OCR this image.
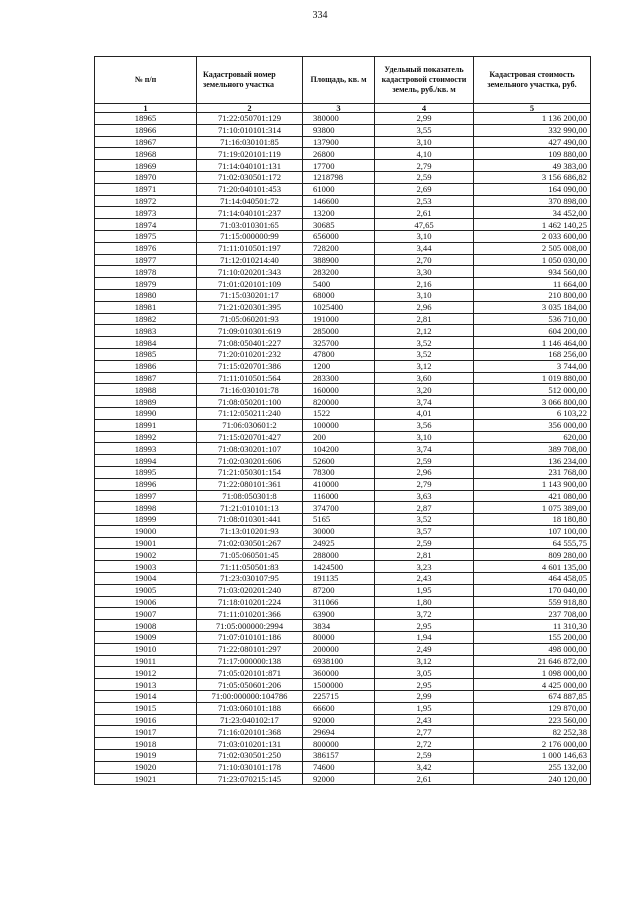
334
№ п/п	Кадастровый номер земельного участка	Площадь, кв. м	Удельный показатель кадастровой стоимости земель, руб./кв. м	Кадастровая стоимость земельного участка, руб.
1	2	3	4	5
18965	71:22:050701:129	380000	2,99	1 136 200,00
18966	71:10:010101:314	93800	3,55	332 990,00
18967	71:16:030101:85	137900	3,10	427 490,00
18968	71:19:020101:119	26800	4,10	109 880,00
18969	71:14:040101:131	17700	2,79	49 383,00
18970	71:02:030501:172	1218798	2,59	3 156 686,82
18971	71:20:040101:453	61000	2,69	164 090,00
18972	71:14:040501:72	146600	2,53	370 898,00
18973	71:14:040101:237	13200	2,61	34 452,00
18974	71:03:010301:65	30685	47,65	1 462 140,25
18975	71:15:000000:99	656000	3,10	2 033 600,00
18976	71:11:010501:197	728200	3,44	2 505 008,00
18977	71:12:010214:40	388900	2,70	1 050 030,00
18978	71:10:020201:343	283200	3,30	934 560,00
18979	71:01:020101:109	5400	2,16	11 664,00
18980	71:15:030201:17	68000	3,10	210 800,00
18981	71:21:020301:395	1025400	2,96	3 035 184,00
18982	71:05:060201:93	191000	2,81	536 710,00
18983	71:09:010301:619	285000	2,12	604 200,00
18984	71:08:050401:227	325700	3,52	1 146 464,00
18985	71:20:010201:232	47800	3,52	168 256,00
18986	71:15:020701:386	1200	3,12	3 744,00
18987	71:11:010501:564	283300	3,60	1 019 880,00
18988	71:16:030101:78	160000	3,20	512 000,00
18989	71:08:050201:100	820000	3,74	3 066 800,00
18990	71:12:050211:240	1522	4,01	6 103,22
18991	71:06:030601:2	100000	3,56	356 000,00
18992	71:15:020701:427	200	3,10	620,00
18993	71:08:030201:107	104200	3,74	389 708,00
18994	71:02:030201:606	52600	2,59	136 234,00
18995	71:21:050301:154	78300	2,96	231 768,00
18996	71:22:080101:361	410000	2,79	1 143 900,00
18997	71:08:050301:8	116000	3,63	421 080,00
18998	71:21:010101:13	374700	2,87	1 075 389,00
18999	71:08:010301:441	5165	3,52	18 180,80
19000	71:13:010201:93	30000	3,57	107 100,00
19001	71:02:030501:267	24925	2,59	64 555,75
19002	71:05:060501:45	288000	2,81	809 280,00
19003	71:11:050501:83	1424500	3,23	4 601 135,00
19004	71:23:030107:95	191135	2,43	464 458,05
19005	71:03:020201:240	87200	1,95	170 040,00
19006	71:18:010201:224	311066	1,80	559 918,80
19007	71:11:010201:366	63900	3,72	237 708,00
19008	71:05:000000:2994	3834	2,95	11 310,30
19009	71:07:010101:186	80000	1,94	155 200,00
19010	71:22:080101:297	200000	2,49	498 000,00
19011	71:17:000000:138	6938100	3,12	21 646 872,00
19012	71:05:020101:871	360000	3,05	1 098 000,00
19013	71:05:050601:206	1500000	2,95	4 425 000,00
19014	71:00:000000:104786	225715	2,99	674 887,85
19015	71:03:060101:188	66600	1,95	129 870,00
19016	71:23:040102:17	92000	2,43	223 560,00
19017	71:16:020101:368	29694	2,77	82 252,38
19018	71:03:010201:131	800000	2,72	2 176 000,00
19019	71:02:030501:250	386157	2,59	1 000 146,63
19020	71:10:030101:178	74600	3,42	255 132,00
19021	71:23:070215:145	92000	2,61	240 120,00
